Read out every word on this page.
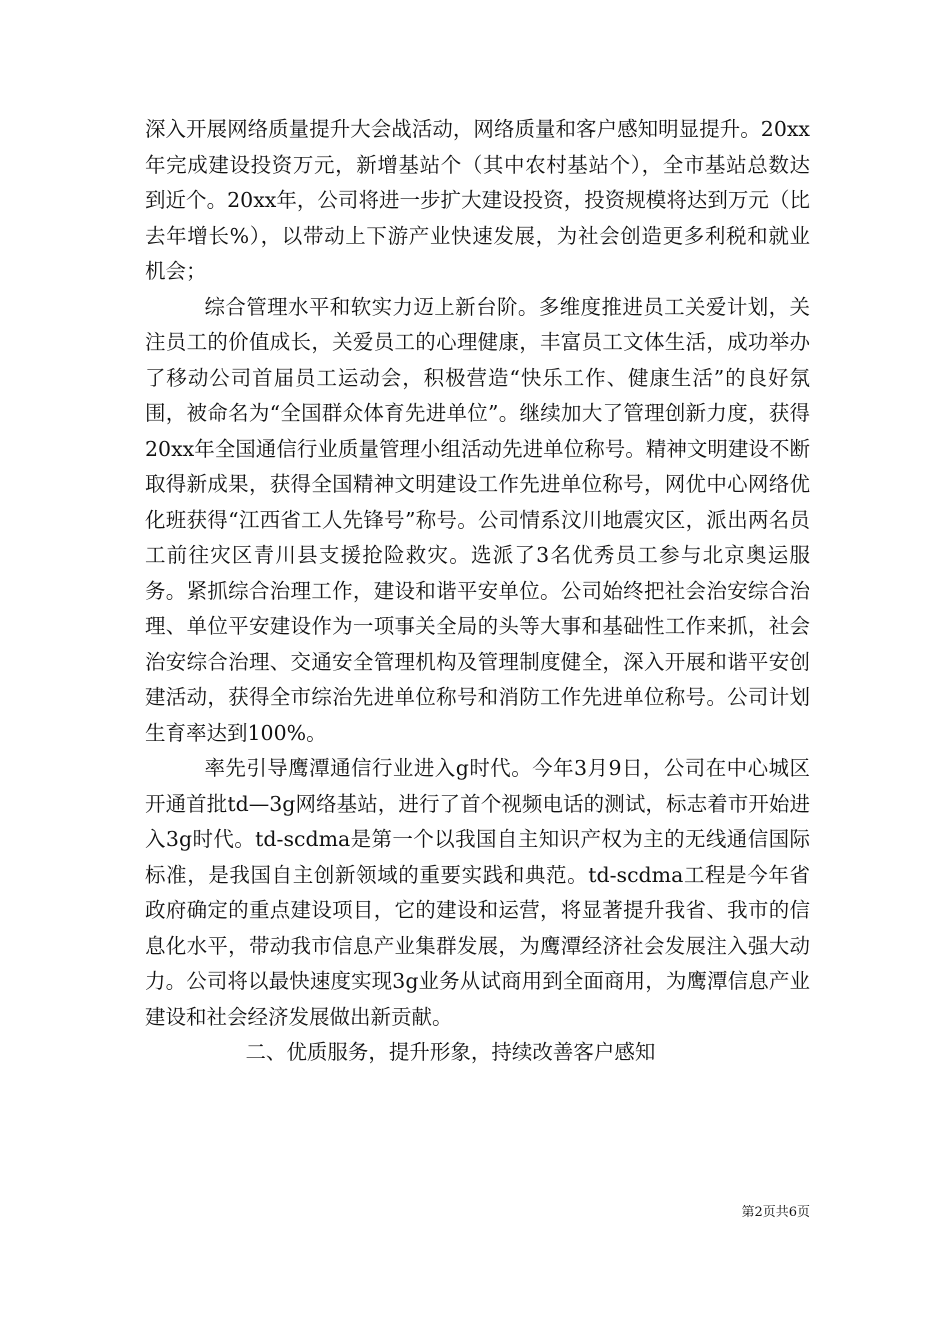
深入开展网络质量提升大会战活动，网络质量和客户感知明显提升。20xx年完成建设投资万元，新增基站个（其中农村基站个），全市基站总数达到近个。20xx年，公司将进一步扩大建设投资，投资规模将达到万元（比去年增长%），以带动上下游产业快速发展，为社会创造更多利税和就业机会；

综合管理水平和软实力迈上新台阶。多维度推进员工关爱计划，关注员工的价值成长，关爱员工的心理健康，丰富员工文体生活，成功举办了移动公司首届员工运动会，积极营造“快乐工作、健康生活”的良好氛围，被命名为“全国群众体育先进单位”。继续加大了管理创新力度，获得20xx年全国通信行业质量管理小组活动先进单位称号。精神文明建设不断取得新成果，获得全国精神文明建设工作先进单位称号，网优中心网络优化班获得“江西省工人先锋号”称号。公司情系汶川地震灾区，派出两名员工前往灾区青川县支援抢险救灾。选派了3名优秀员工参与北京奥运服务。紧抓综合治理工作，建设和谐平安单位。公司始终把社会治安综合治理、单位平安建设作为一项事关全局的头等大事和基础性工作来抓，社会治安综合治理、交通安全管理机构及管理制度健全，深入开展和谐平安创建活动，获得全市综治先进单位称号和消防工作先进单位称号。公司计划生育率达到100%。

率先引导鹰潭通信行业进入g时代。今年3月9日，公司在中心城区开通首批td—3g网络基站，进行了首个视频电话的测试，标志着市开始进入3g时代。td-scdma是第一个以我国自主知识产权为主的无线通信国际标准，是我国自主创新领域的重要实践和典范。td-scdma工程是今年省政府确定的重点建设项目，它的建设和运营，将显著提升我省、我市的信息化水平，带动我市信息产业集群发展，为鹰潭经济社会发展注入强大动力。公司将以最快速度实现3g业务从试商用到全面商用，为鹰潭信息产业建设和社会经济发展做出新贡献。

二、优质服务，提升形象，持续改善客户感知

第2页共6页
